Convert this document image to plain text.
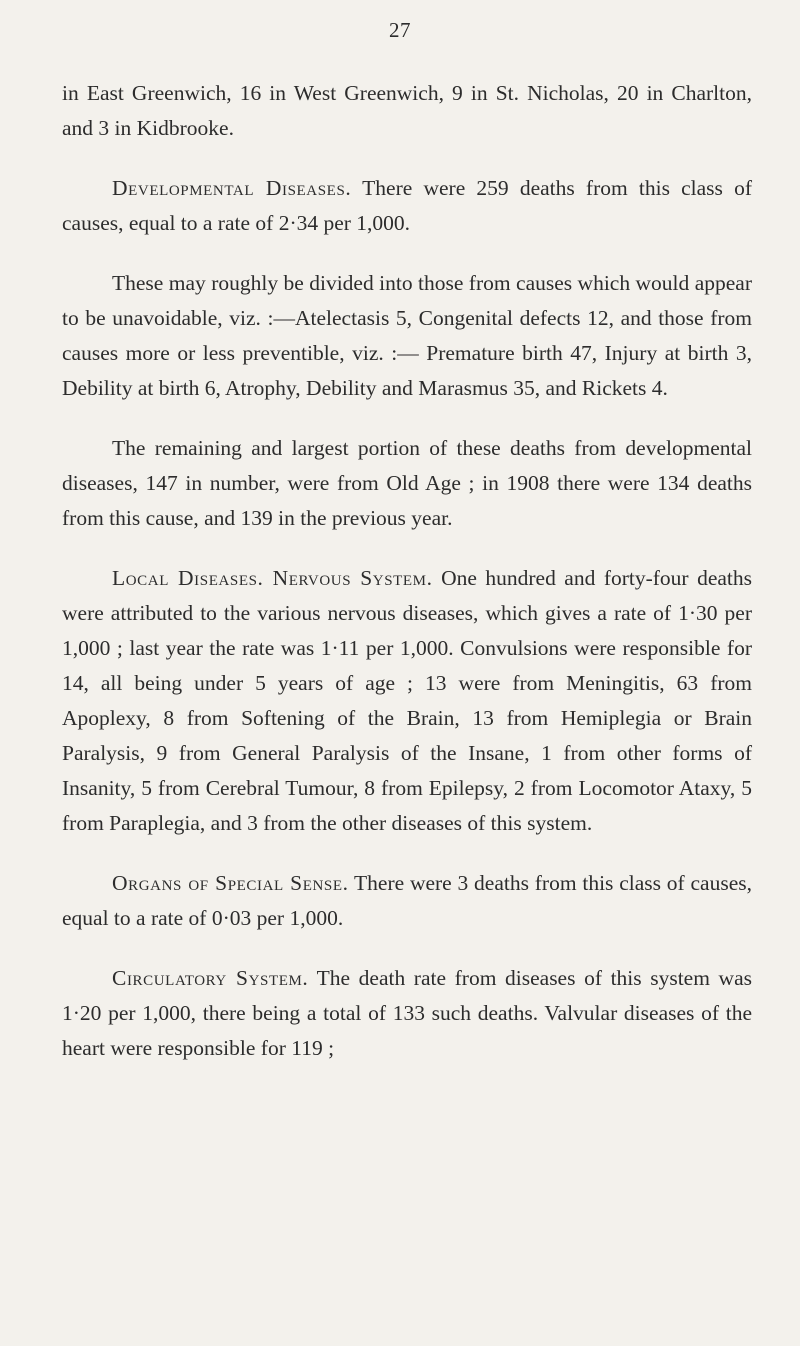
27

in East Greenwich, 16 in West Greenwich, 9 in St. Nicholas, 20 in Charlton, and 3 in Kidbrooke.

Developmental Diseases. There were 259 deaths from this class of causes, equal to a rate of 2·34 per 1,000.

These may roughly be divided into those from causes which would appear to be unavoidable, viz. :—Atelectasis 5, Congenital defects 12, and those from causes more or less preventible, viz. :— Premature birth 47, Injury at birth 3, Debility at birth 6, Atrophy, Debility and Marasmus 35, and Rickets 4.

The remaining and largest portion of these deaths from developmental diseases, 147 in number, were from Old Age ; in 1908 there were 134 deaths from this cause, and 139 in the previous year.

Local Diseases. Nervous System. One hundred and forty-four deaths were attributed to the various nervous diseases, which gives a rate of 1·30 per 1,000 ; last year the rate was 1·11 per 1,000. Convulsions were responsible for 14, all being under 5 years of age ; 13 were from Meningitis, 63 from Apoplexy, 8 from Softening of the Brain, 13 from Hemiplegia or Brain Paralysis, 9 from General Paralysis of the Insane, 1 from other forms of Insanity, 5 from Cerebral Tumour, 8 from Epilepsy, 2 from Locomotor Ataxy, 5 from Paraplegia, and 3 from the other diseases of this system.

Organs of Special Sense. There were 3 deaths from this class of causes, equal to a rate of 0·03 per 1,000.

Circulatory System. The death rate from diseases of this system was 1·20 per 1,000, there being a total of 133 such deaths. Valvular diseases of the heart were responsible for 119 ;
